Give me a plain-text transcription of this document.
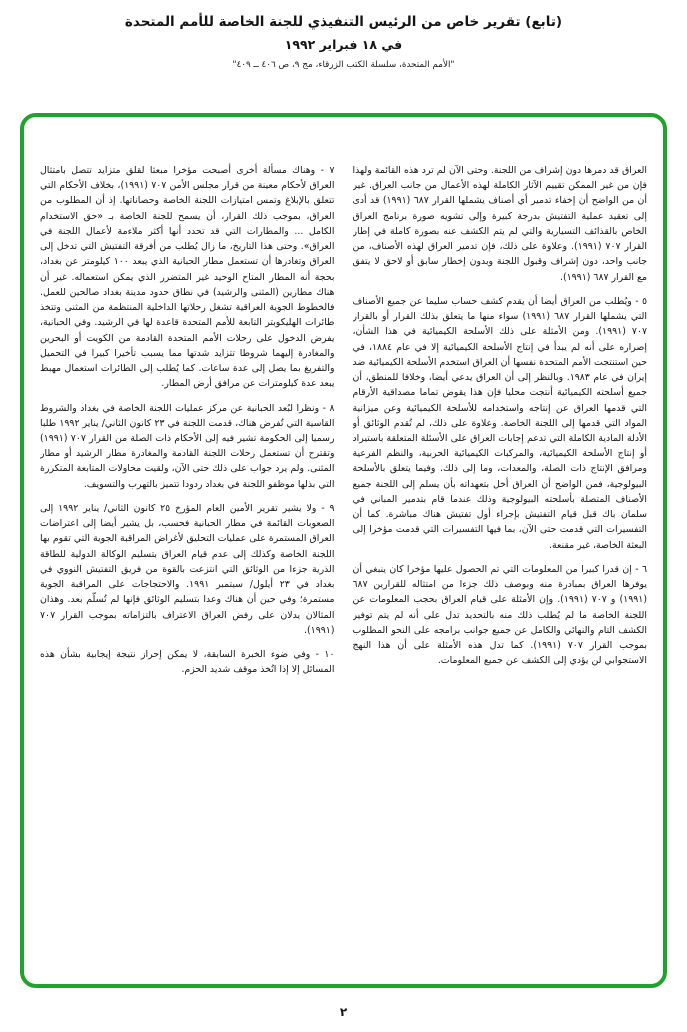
(تابع) تقرير خاص من الرئيس التنفيذي للجنة الخاصة للأمم المتحدة
في ١٨ فبراير ١٩٩٢
"الأمم المتحدة، سلسلة الكتب الزرقاء، مج ٩، ص ٤٠٦ ــ ٤٠٩"

العراق قد دمرها دون إشراف من اللجنة. وحتى الآن لم ترد هذه القائمة ولهذا فإن من غير الممكن تقييم الآثار الكاملة لهذه الأعمال من جانب العراق. غير أن من الواضح أن إخفاء تدمير أي أصناف يشملها القرار ٦٨٧ (١٩٩١) قد أدى إلى تعقيد عملية التفتيش بدرجة كبيرة وإلى تشويه صورة برنامج العراق الخاص بالقذائف التسيارية والتي لم يتم الكشف عنه بصورة كاملة في إطار القرار ٧٠٧ (١٩٩١). وعلاوة على ذلك، فإن تدمير العراق لهذه الأصناف، من جانب واحد، دون إشراف وقبول اللجنة وبدون إخطار سابق أو لاحق لا يتفق مع القرار ٦٨٧ (١٩٩١).

٥ - ويُطلب من العراق أيضا أن يقدم كشف حساب سليما عن جميع الأصناف التي يشملها القرار ٦٨٧ (١٩٩١) سواء منها ما يتعلق بذلك القرار أو بالقرار ٧٠٧ (١٩٩١). ومن الأمثلة على ذلك الأسلحة الكيميائية في هذا الشأن، إصراره على أنه لم يبدأ في إنتاج الأسلحة الكيميائية إلا في عام ١٨٨٤، في حين استنتجت الأمم المتحدة نفسها أن العراق استخدم الأسلحة الكيميائية ضد إيران في عام ١٩٨٣. وبالنظر إلى أن العراق يدعي أيضا، وخلافا للمنطق، أن جميع أسلحته الكيميائية أنتجت محليا فإن هذا يقوض تماما مصداقية الأرقام التي قدمها العراق عن إنتاجه واستخدامه للأسلحة الكيميائية وعن ميزانية المواد التي قدمها إلى اللجنة الخاصة. وعلاوة على ذلك، لم تُقدم الوثائق أو الأدلة المادية الكاملة التي تدعم إجابات العراق على الأسئلة المتعلقة باستيراد أو إنتاج الأسلحة الكيميائية، والمركبات الكيميائية الحربية، والنظم الفرعية ومرافق الإنتاج ذات الصلة، والمعدات، وما إلى ذلك. وفيما يتعلق بالأسلحة البيولوجية، فمن الواضح أن العراق أخل بتعهداته بأن يسلم إلى اللجنة جميع الأصناف المتصلة بأسلحته البيولوجية وذلك عندما قام بتدمير المباني في سلمان باك قبل قيام التفتيش بإجراء أول تفتيش هناك مباشرة. كما أن التفسيرات التي قدمت حتى الآن، بما فيها التفسيرات التي قدمت مؤخرا إلى البعثة الخاصة، غير مقنعة.

٦ - إن قدرا كبيرا من المعلومات التي تم الحصول عليها مؤخرا كان ينبغي أن يوفرها العراق بمبادرة منه وبوصف ذلك جزءا من امتثاله للقرارين ٦٨٧ (١٩٩١) و ٧٠٧ (١٩٩١). وإن الأمثلة على قيام العراق بحجب المعلومات عن اللجنة الخاصة ما لم يُطلب ذلك منه بالتحديد تدل على أنه لم يتم توفير الكشف التام والنهائي والكامل عن جميع جوانب برامجه على النحو المطلوب بموجب القرار ٧٠٧ (١٩٩١). كما تدل هذه الأمثلة على أن هذا النهج الاستجوابي لن يؤدي إلى الكشف عن جميع المعلومات.

٧ - وهناك مسألة أخرى أصبحت مؤخرا مبعثا لقلق متزايد تتصل بامتثال العراق لأحكام معينة من قرار مجلس الأمن ٧٠٧ (١٩٩١)، بخلاف الأحكام التي تتعلق بالإبلاغ وتمس امتيازات اللجنة الخاصة وحصاناتها. إذ أن المطلوب من العراق، بموجب ذلك القرار، أن يسمح للجنة الخاصة بـ «حق الاستخدام الكامل ... والمطارات التي قد تحدد أنها أكثر ملاءمة لأعمال اللجنة في العراق». وحتى هذا التاريخ، ما زال يُطلب من أفرقة التفتيش التي تدخل إلى العراق وتغادرها أن تستعمل مطار الحبانية الذي يبعد ١٠٠ كيلومتر عن بغداد، بحجة أنه المطار المتاح الوحيد غير المتضرر الذي يمكن استعماله. غير أن هناك مطارين (المثنى والرشيد) في نطاق حدود مدينة بغداد صالحين للعمل. فالخطوط الجوية العراقية تشغل رحلاتها الداخلية المنتظمة من المثنى وتتخذ طائرات الهليكوبتر التابعة للأمم المتحدة قاعدة لها في الرشيد. وفي الحبانية، يفرض الدخول على رحلات الأمم المتحدة القادمة من الكويت أو البحرين والمغادرة إليهما شروطا تتزايد شدتها مما يسبب تأخيرا كبيرا في التحميل والتفريغ بما يصل إلى عدة ساعات. كما يُطلب إلى الطائرات استعمال مهبط يبعد عدة كيلومترات عن مرافق أرض المطار.

٨ - ونظرا لبُعد الحبانية عن مركز عمليات اللجنة الخاصة في بغداد والشروط القاسية التي تُفرض هناك، قدمت اللجنة في ٢٣ كانون الثاني/ يناير ١٩٩٢ طلبا رسميا إلى الحكومة تشير فيه إلى الأحكام ذات الصلة من القرار ٧٠٧ (١٩٩١) وتقترح أن تستعمل رحلات اللجنة القادمة والمغادرة مطار الرشيد أو مطار المثنى. ولم يرد جواب على ذلك حتى الآن، ولقيت محاولات المتابعة المتكررة التي بذلها موظفو اللجنة في بغداد ردودا تتميز بالتهرب والتسويف.

٩ - ولا يشير تقرير الأمين العام المؤرخ ٢٥ كانون الثاني/ يناير ١٩٩٢ إلى الصعوبات القائمة في مطار الحبانية فحسب، بل يشير أيضا إلى اعتراضات العراق المستمرة على عمليات التحليق لأغراض المراقبة الجوية التي تقوم بها اللجنة الخاصة وكذلك إلى عدم قيام العراق بتسليم الوكالة الدولية للطاقة الذرية جزءا من الوثائق التي انتزعت بالقوة من فريق التفتيش النووي في بغداد في ٢٣ أيلول/ سبتمبر ١٩٩١. والاحتجاجات على المراقبة الجوية مستمرة؛ وفي حين أن هناك وعدا بتسليم الوثائق فإنها لم تُسلّم بعد. وهذان المثالان يدلان على رفض العراق الاعتراف بالتزاماته بموجب القرار ٧٠٧ (١٩٩١).

١٠ - وفي ضوء الخبرة السابقة، لا يمكن إحراز نتيجة إيجابية بشأن هذه المسائل إلا إذا اتُخذ موقف شديد الحزم.

٢
